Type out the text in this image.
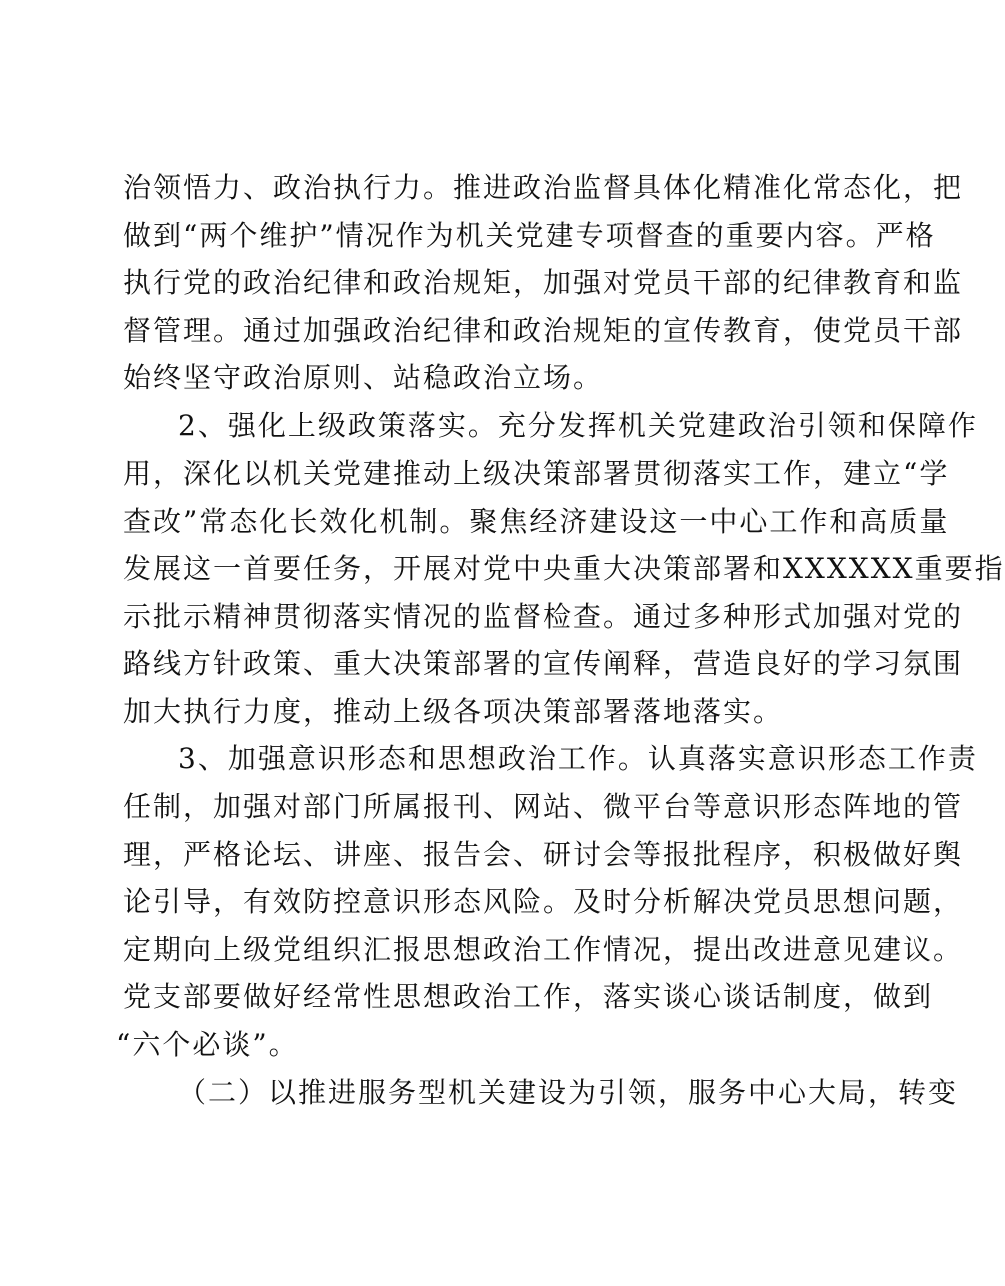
治领悟力、政治执行力。推进政治监督具体化精准化常态化，把
做到“两个维护”情况作为机关党建专项督查的重要内容。严格
执行党的政治纪律和政治规矩，加强对党员干部的纪律教育和监
督管理。通过加强政治纪律和政治规矩的宣传教育，使党员干部
始终坚守政治原则、站稳政治立场。
2、强化上级政策落实。充分发挥机关党建政治引领和保障作
用，深化以机关党建推动上级决策部署贯彻落实工作，建立“学
查改”常态化长效化机制。聚焦经济建设这一中心工作和高质量
发展这一首要任务，开展对党中央重大决策部署和XXXXXX重要指
示批示精神贯彻落实情况的监督检查。通过多种形式加强对党的
路线方针政策、重大决策部署的宣传阐释，营造良好的学习氛围
加大执行力度，推动上级各项决策部署落地落实。
3、加强意识形态和思想政治工作。认真落实意识形态工作责
任制，加强对部门所属报刊、网站、微平台等意识形态阵地的管
理，严格论坛、讲座、报告会、研讨会等报批程序，积极做好舆
论引导，有效防控意识形态风险。及时分析解决党员思想问题，
定期向上级党组织汇报思想政治工作情况，提出改进意见建议。
党支部要做好经常性思想政治工作，落实谈心谈话制度，做到
“六个必谈”。
（二）以推进服务型机关建设为引领，服务中心大局，转变
